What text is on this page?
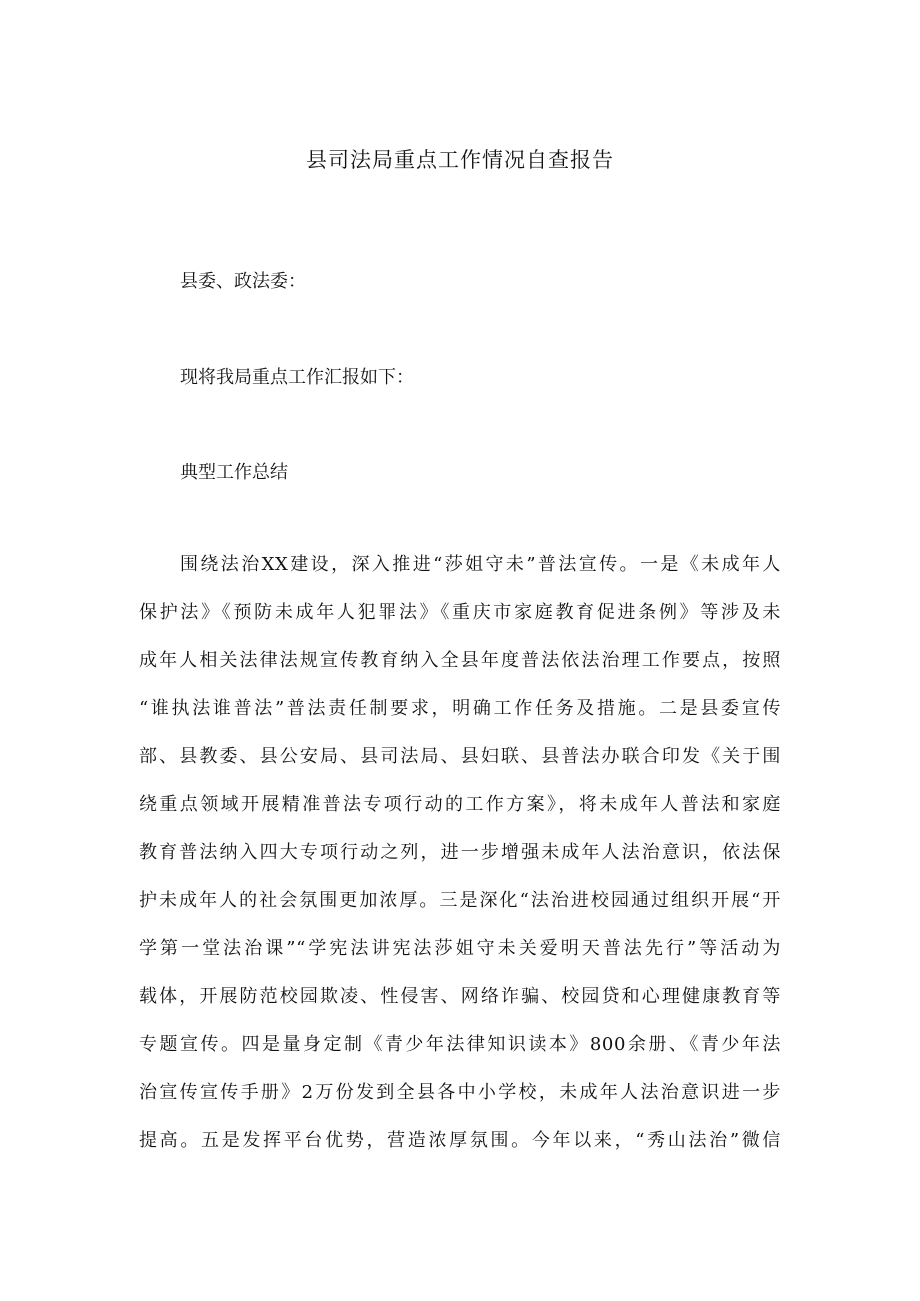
县司法局重点工作情况自查报告

县委、政法委：

现将我局重点工作汇报如下：

典型工作总结

围绕法治XX建设，深入推进“莎姐守未”普法宣传。一是《未成年人
保护法》《预防未成年人犯罪法》《重庆市家庭教育促进条例》等涉及未
成年人相关法律法规宣传教育纳入全县年度普法依法治理工作要点，按照
“谁执法谁普法”普法责任制要求，明确工作任务及措施。二是县委宣传
部、县教委、县公安局、县司法局、县妇联、县普法办联合印发《关于围
绕重点领域开展精准普法专项行动的工作方案》，将未成年人普法和家庭
教育普法纳入四大专项行动之列，进一步增强未成年人法治意识，依法保
护未成年人的社会氛围更加浓厚。三是深化“法治进校园通过组织开展“开
学第一堂法治课”“学宪法讲宪法莎姐守未关爱明天普法先行”等活动为
载体，开展防范校园欺凌、性侵害、网络诈骗、校园贷和心理健康教育等
专题宣传。四是量身定制《青少年法律知识读本》800余册、《青少年法
治宣传宣传手册》2万份发到全县各中小学校，未成年人法治意识进一步
提高。五是发挥平台优势，营造浓厚氛围。今年以来，“秀山法治”微信
